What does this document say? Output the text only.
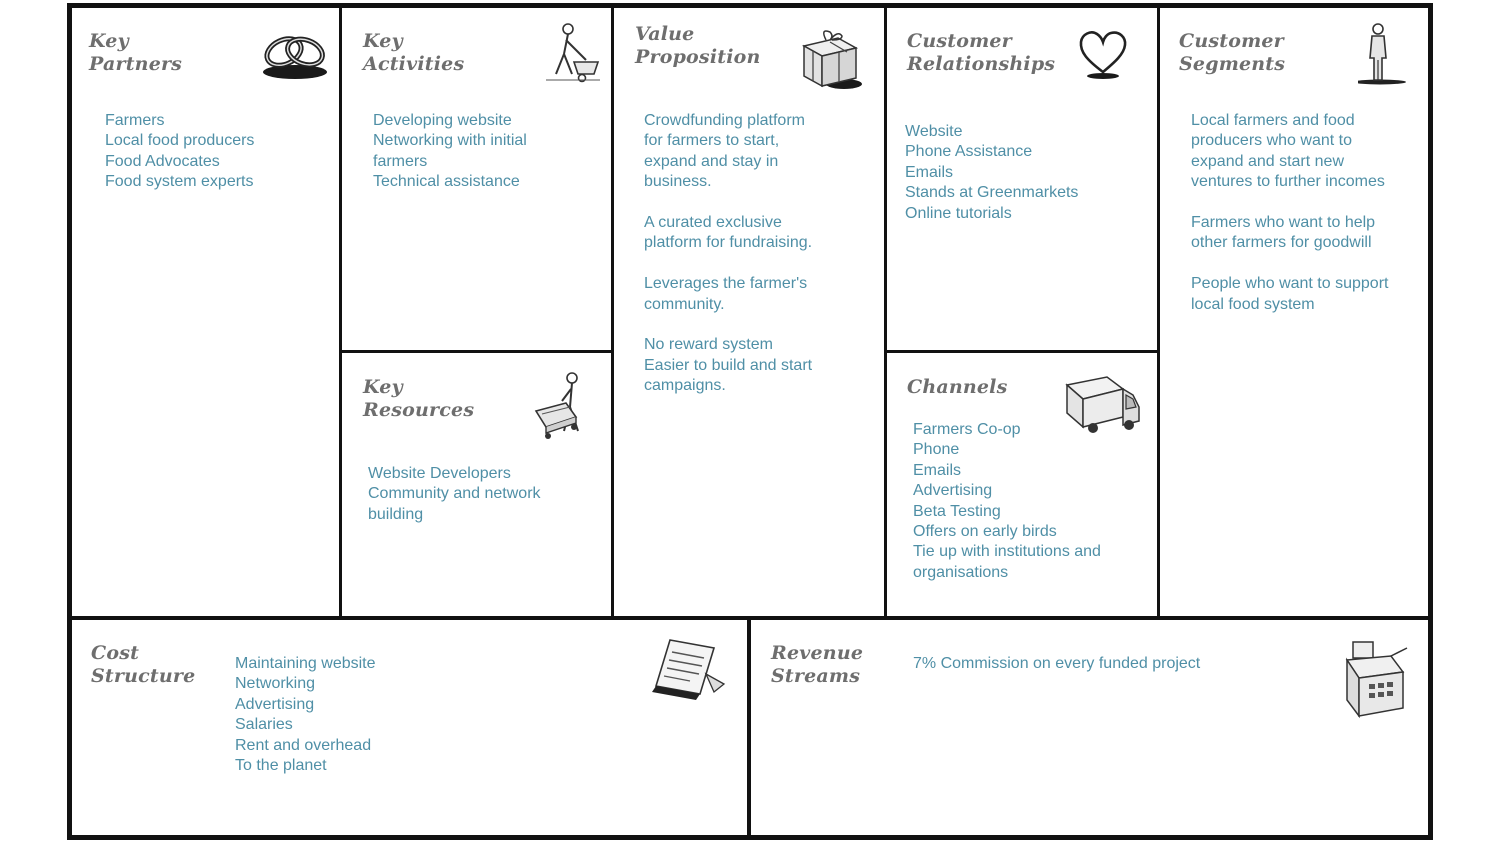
Key
Partners
Farmers
Local food producers
Food Advocates
Food system experts
Key
Activities
Developing website
Networking with initial
farmers
Technical assistance
Key
Resources
Website Developers
Community and network
building
Value
Proposition
Crowdfunding platform
for farmers to start,
expand and stay in
business.
A curated exclusive
platform for fundraising.
Leverages the farmer's
community.
No reward system
Easier to build and start
campaigns.
Customer
Relationships
Website
Phone Assistance
Emails
Stands at Greenmarkets
Online tutorials
Channels
Farmers Co-op
Phone
Emails
Advertising
Beta Testing
Offers on early birds
Tie up with institutions and
organisations
Customer
Segments
Local farmers and food
producers who want to
expand and start new
ventures to further incomes
Farmers who want to help
other farmers for goodwill
People who want to support
local food system
Cost
Structure
Maintaining website
Networking
Advertising
Salaries
Rent and overhead
To the planet
Revenue
Streams
7% Commission on every funded project
